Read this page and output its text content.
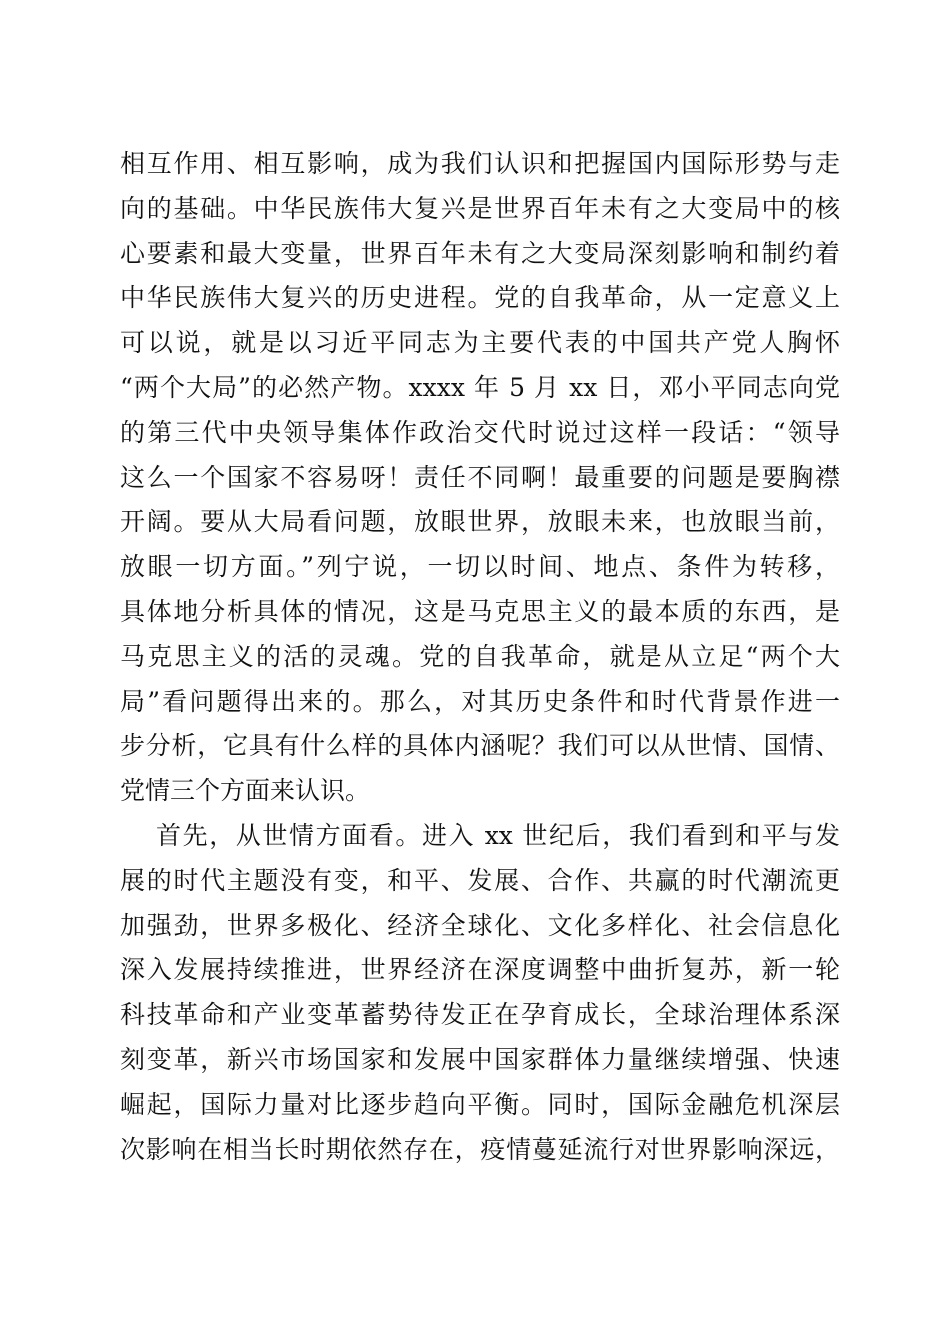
相互作用、相互影响，成为我们认识和把握国内国际形势与走
向的基础。中华民族伟大复兴是世界百年未有之大变局中的核
心要素和最大变量，世界百年未有之大变局深刻影响和制约着
中华民族伟大复兴的历史进程。党的自我革命，从一定意义上
可以说，就是以习近平同志为主要代表的中国共产党人胸怀
“两个大局”的必然产物。xxxx 年 5 月 xx 日，邓小平同志向党
的第三代中央领导集体作政治交代时说过这样一段话：“领导
这么一个国家不容易呀！责任不同啊！最重要的问题是要胸襟
开阔。要从大局看问题，放眼世界，放眼未来，也放眼当前，
放眼一切方面。”列宁说，一切以时间、地点、条件为转移，
具体地分析具体的情况，这是马克思主义的最本质的东西，是
马克思主义的活的灵魂。党的自我革命，就是从立足“两个大
局”看问题得出来的。那么，对其历史条件和时代背景作进一
步分析，它具有什么样的具体内涵呢？我们可以从世情、国情、
党情三个方面来认识。
首先，从世情方面看。进入 xx 世纪后，我们看到和平与发
展的时代主题没有变，和平、发展、合作、共赢的时代潮流更
加强劲，世界多极化、经济全球化、文化多样化、社会信息化
深入发展持续推进，世界经济在深度调整中曲折复苏，新一轮
科技革命和产业变革蓄势待发正在孕育成长，全球治理体系深
刻变革，新兴市场国家和发展中国家群体力量继续增强、快速
崛起，国际力量对比逐步趋向平衡。同时，国际金融危机深层
次影响在相当长时期依然存在，疫情蔓延流行对世界影响深远，
